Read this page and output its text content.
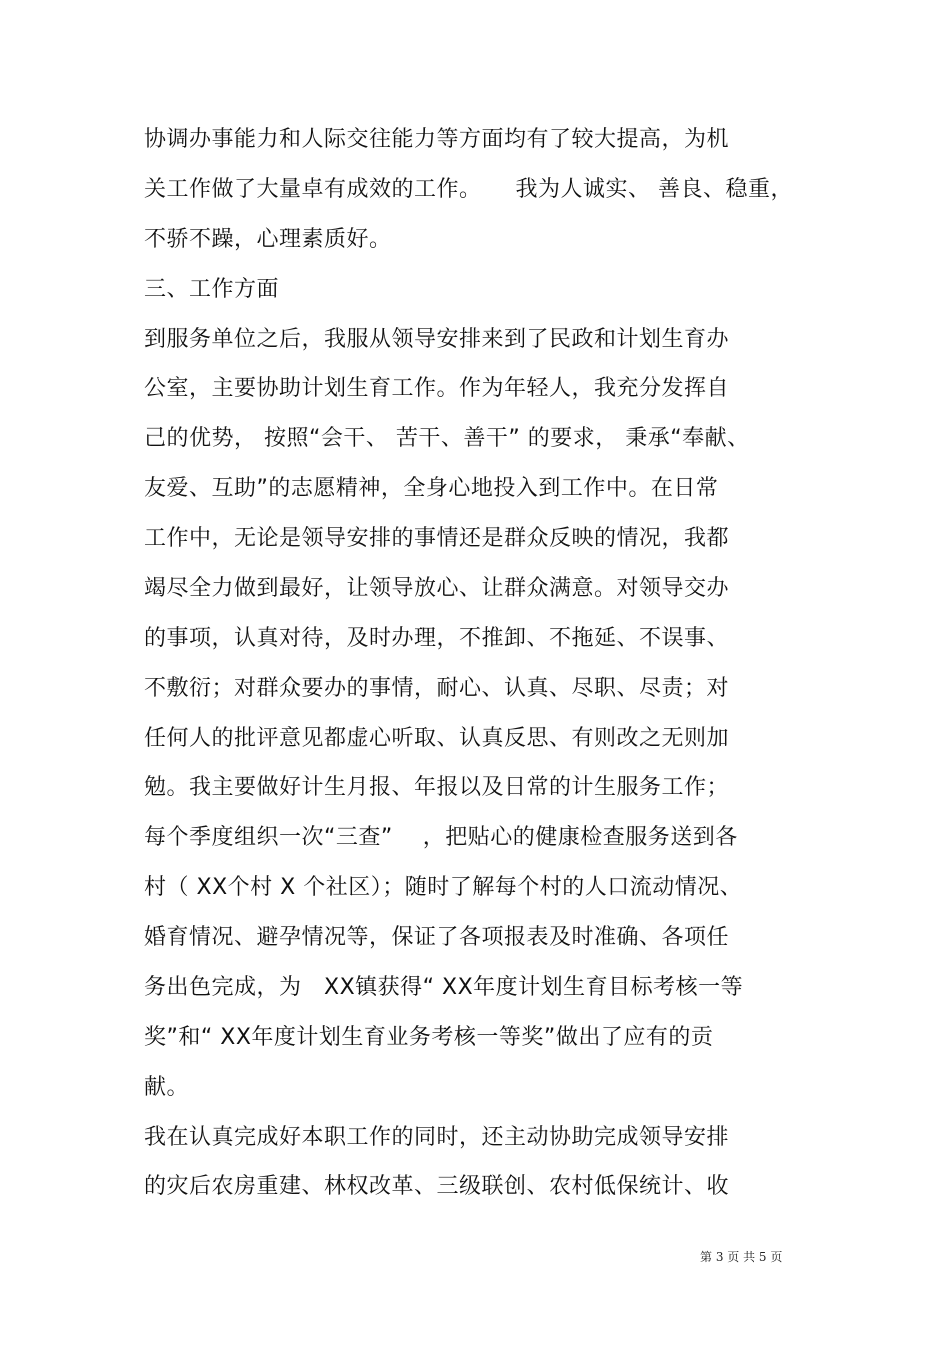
协调办事能力和人际交往能力等方面均有了较大提高，为机
关工作做了大量卓有成效的工作。　　我为人诚实、 善良、稳重，
不骄不躁，心理素质好。
三、工作方面
到服务单位之后，我服从领导安排来到了民政和计划生育办
公室，主要协助计划生育工作。作为年轻人，我充分发挥自
己的优势， 按照“会干、 苦干、善干” 的要求， 秉承“奉献、
友爱、互助”的志愿精神，全身心地投入到工作中。在日常
工作中，无论是领导安排的事情还是群众反映的情况，我都
竭尽全力做到最好，让领导放心、让群众满意。对领导交办
的事项，认真对待，及时办理，不推卸、不拖延、不误事、
不敷衍；对群众要办的事情，耐心、认真、尽职、尽责；对
任何人的批评意见都虚心听取、认真反思、有则改之无则加
勉。我主要做好计生月报、年报以及日常的计生服务工作；
每个季度组织一次“三查”　 ，把贴心的健康检查服务送到各
村（ XX个村 X 个社区）；随时了解每个村的人口流动情况、
婚育情况、避孕情况等，保证了各项报表及时准确、各项任
务出色完成，为　XX镇获得“ XX年度计划生育目标考核一等
奖”和“ XX年度计划生育业务考核一等奖”做出了应有的贡
献。
我在认真完成好本职工作的同时，还主动协助完成领导安排
的灾后农房重建、林权改革、三级联创、农村低保统计、收
第 3 页 共 5 页
